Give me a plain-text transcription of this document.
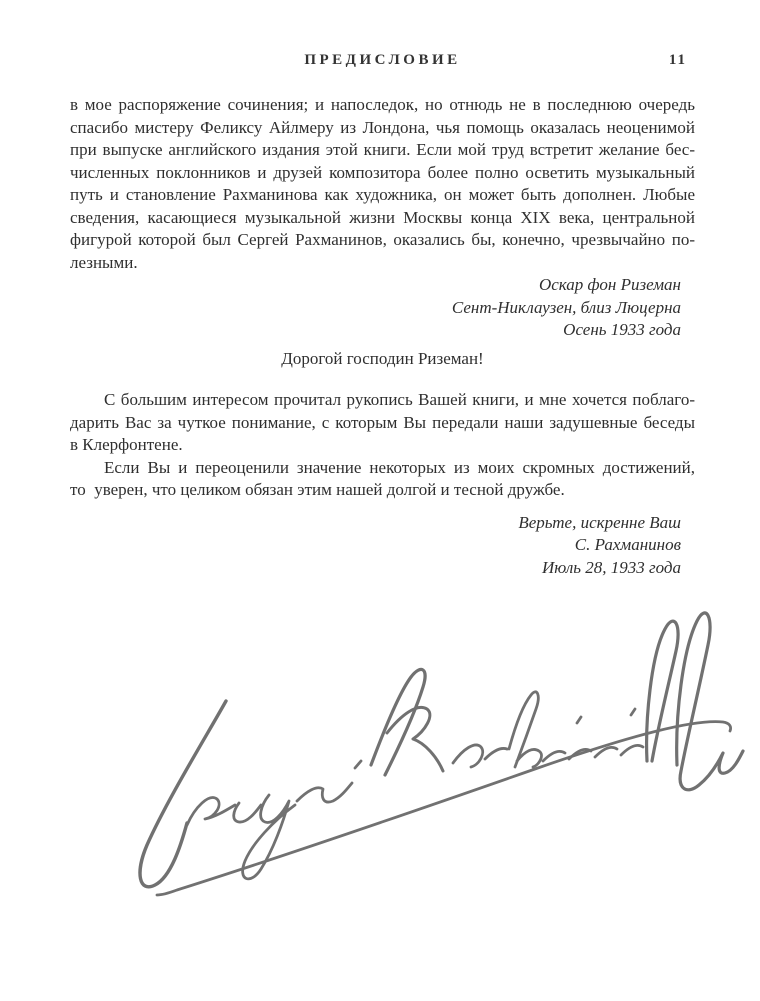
ПРЕДИСЛОВИЕ	11
в мое распоряжение сочинения; и напоследок, но отнюдь не в последнюю очередь
спасибо мистеру Феликсу Айлмеру из Лондона, чья помощь оказалась неоценимой
при выпуске английского издания этой книги. Если мой труд встретит желание бес-
численных поклонников и друзей композитора более полно осветить музыкальный
путь и становление Рахманинова как художника, он может быть дополнен. Любые
сведения, касающиеся музыкальной жизни Москвы конца XIX века, центральной
фигурой которой был Сергей Рахманинов, оказались бы, конечно, чрезвычайно по-
лезными.
Оскар фон Риземан
Сент-Никлаузен, близ Люцерна
Осень 1933 года
Дорогой господин Риземан!
С большим интересом прочитал рукопись Вашей книги, и мне хочется поблаго-
дарить Вас за чуткое понимание, с которым Вы передали наши задушевные беседы
в Клерфонтене.
Если Вы и переоценили значение некоторых из моих скромных достижений,
то  уверен, что целиком обязан этим нашей долгой и тесной дружбе.
Верьте, искренне Ваш
С. Рахманинов
Июль 28, 1933 года
